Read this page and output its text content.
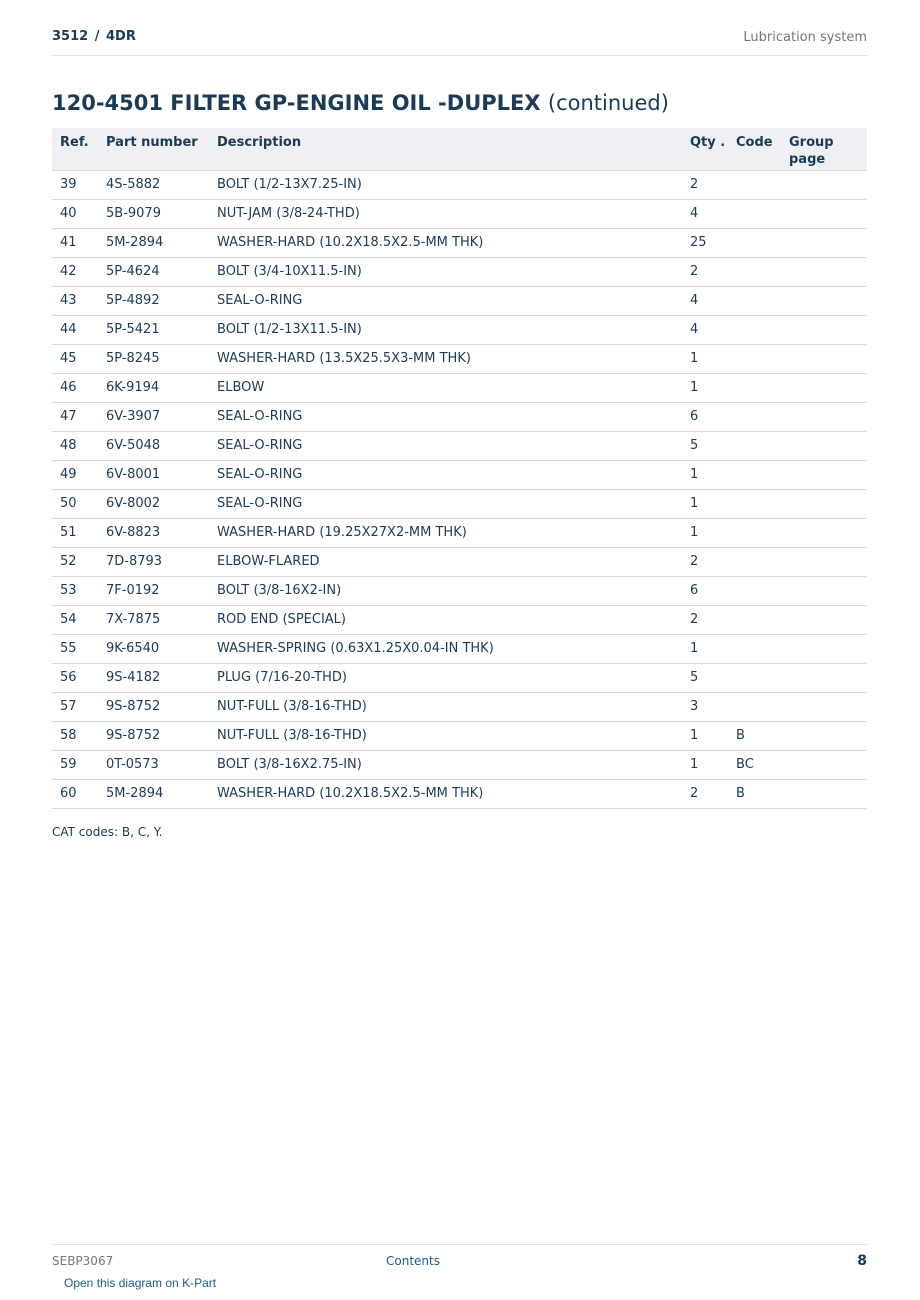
3512 / 4DR	Lubrication system
120-4501 FILTER GP-ENGINE OIL -DUPLEX (continued)
Ref.	Part number	Description	Qty .	Code	Group page
39	4S-5882	BOLT (1/2-13X7.25-IN)	2		
40	5B-9079	NUT-JAM (3/8-24-THD)	4		
41	5M-2894	WASHER-HARD (10.2X18.5X2.5-MM THK)	25		
42	5P-4624	BOLT (3/4-10X11.5-IN)	2		
43	5P-4892	SEAL-O-RING	4		
44	5P-5421	BOLT (1/2-13X11.5-IN)	4		
45	5P-8245	WASHER-HARD (13.5X25.5X3-MM THK)	1		
46	6K-9194	ELBOW	1		
47	6V-3907	SEAL-O-RING	6		
48	6V-5048	SEAL-O-RING	5		
49	6V-8001	SEAL-O-RING	1		
50	6V-8002	SEAL-O-RING	1		
51	6V-8823	WASHER-HARD (19.25X27X2-MM THK)	1		
52	7D-8793	ELBOW-FLARED	2		
53	7F-0192	BOLT (3/8-16X2-IN)	6		
54	7X-7875	ROD END (SPECIAL)	2		
55	9K-6540	WASHER-SPRING (0.63X1.25X0.04-IN THK)	1		
56	9S-4182	PLUG (7/16-20-THD)	5		
57	9S-8752	NUT-FULL (3/8-16-THD)	3		
58	9S-8752	NUT-FULL (3/8-16-THD)	1	B	
59	0T-0573	BOLT (3/8-16X2.75-IN)	1	BC	
60	5M-2894	WASHER-HARD (10.2X18.5X2.5-MM THK)	2	B	
CAT codes: B, C, Y.
SEBP3067	Contents	8
Open this diagram on K-Part
